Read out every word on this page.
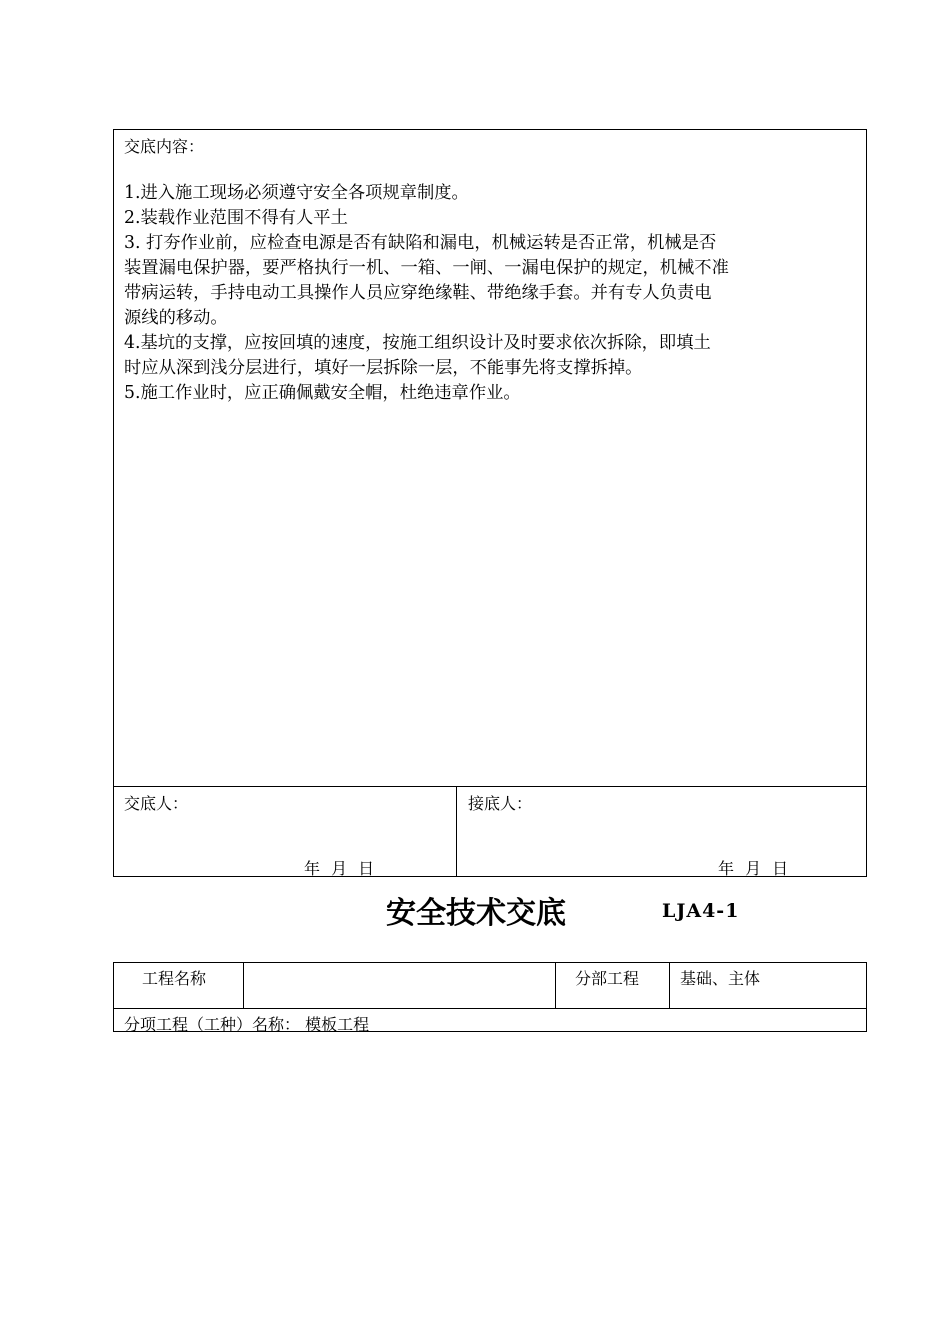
交底内容：
1.进入施工现场必须遵守安全各项规章制度。
2.装载作业范围不得有人平土
3. 打夯作业前，应检查电源是否有缺陷和漏电，机械运转是否正常，机械是否
装置漏电保护器，要严格执行一机、一箱、一闸、一漏电保护的规定，机械不准
带病运转，手持电动工具操作人员应穿绝缘鞋、带绝缘手套。并有专人负责电
源线的移动。
4.基坑的支撑，应按回填的速度，按施工组织设计及时要求依次拆除，即填土
时应从深到浅分层进行，填好一层拆除一层，不能事先将支撑拆掉。
5.施工作业时，应正确佩戴安全帽，杜绝违章作业。
交底人：	接底人：
年 月 日	年 月 日
安全技术交底	LJA4-1
工程名称	分部工程	基础、主体
分项工程（工种）名称： 模板工程
